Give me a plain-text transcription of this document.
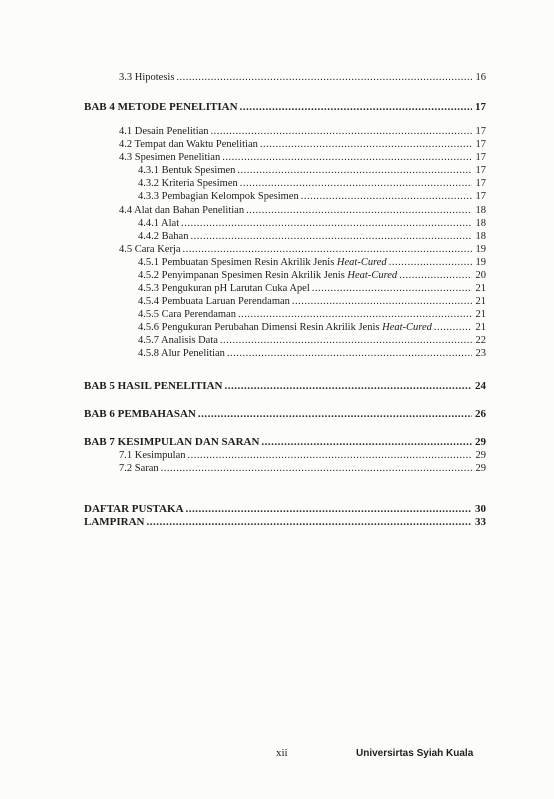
3.3 Hipotesis .....	16
BAB 4 METODE PENELITIAN .....	17
4.1 Desain Penelitian .....	17
4.2 Tempat dan Waktu Penelitian .....	17
4.3 Spesimen Penelitian .....	17
4.3.1 Bentuk Spesimen .....	17
4.3.2 Kriteria Spesimen .....	17
4.3.3 Pembagian Kelompok Spesimen .....	17
4.4 Alat dan Bahan Penelitian .....	18
4.4.1 Alat .....	18
4.4.2 Bahan .....	18
4.5 Cara Kerja .....	19
4.5.1 Pembuatan Spesimen Resin Akrilik Jenis Heat-Cured .....	19
4.5.2 Penyimpanan Spesimen Resin Akrilik Jenis Heat-Cured .....	20
4.5.3 Pengukuran pH Larutan Cuka Apel .....	21
4.5.4 Pembuata Laruan Perendaman .....	21
4.5.5 Cara Perendaman .....	21
4.5.6 Pengukuran Perubahan Dimensi Resin Akrilik Jenis Heat-Cured .....	21
4.5.7 Analisis Data .....	22
4.5.8 Alur Penelitian .....	23
BAB 5 HASIL PENELITIAN .....	24
BAB 6 PEMBAHASAN .....	26
BAB 7 KESIMPULAN DAN SARAN .....	29
7.1 Kesimpulan .....	29
7.2 Saran .....	29
DAFTAR PUSTAKA .....	30
LAMPIRAN .....	33
xii	Universirtas Syiah Kuala
